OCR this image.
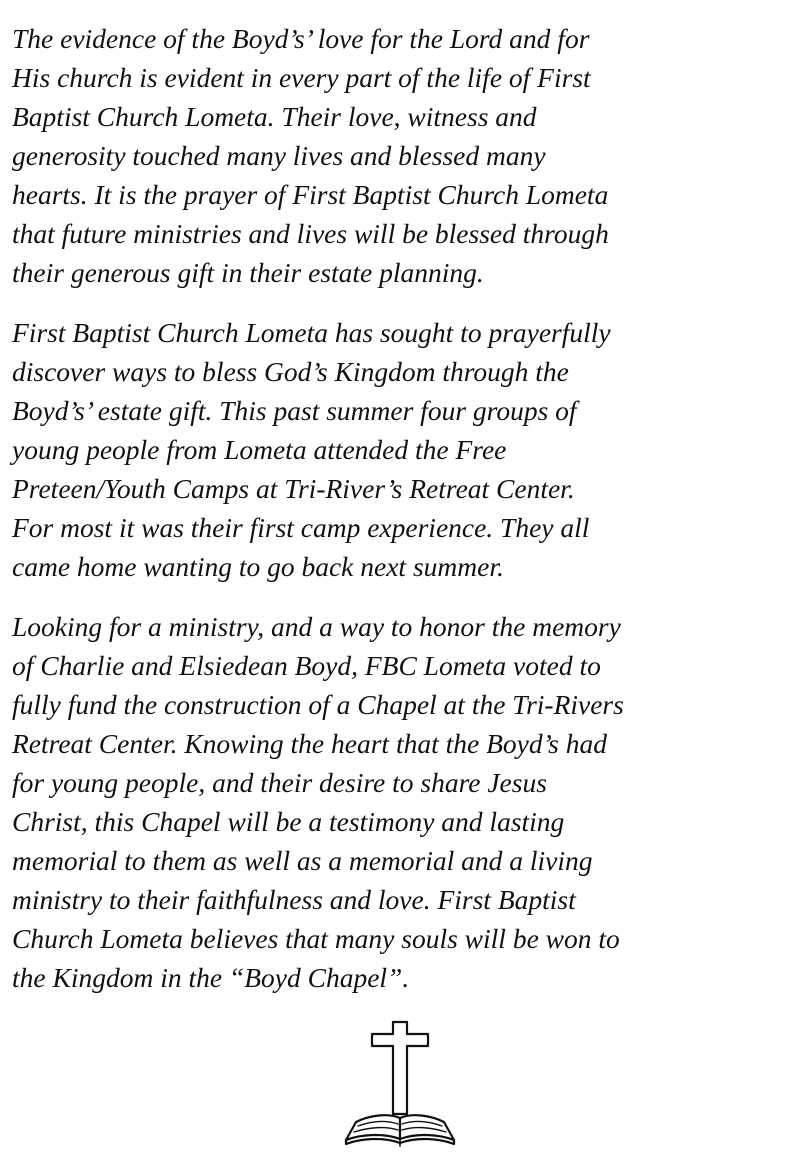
The evidence of the Boyd’s’ love for the Lord and for
His church is evident in every part of the life of First
Baptist Church Lometa. Their love, witness and
generosity touched many lives and blessed many
hearts. It is the prayer of First Baptist Church Lometa
that future ministries and lives will be blessed through
their generous gift in their estate planning.
First Baptist Church Lometa has sought to prayerfully
discover ways to bless God’s Kingdom through the
Boyd’s’ estate gift. This past summer four groups of
young people from Lometa attended the Free
Preteen/Youth Camps at Tri-River’s Retreat Center.
For most it was their first camp experience. They all
came home wanting to go back next summer.
Looking for a ministry, and a way to honor the memory
of Charlie and Elsiedean Boyd, FBC Lometa voted to
fully fund the construction of a Chapel at the Tri-Rivers
Retreat Center. Knowing the heart that the Boyd’s had
for young people, and their desire to share Jesus
Christ, this Chapel will be a testimony and lasting
memorial to them as well as a memorial and a living
ministry to their faithfulness and love. First Baptist
Church Lometa believes that many souls will be won to
the Kingdom in the “Boyd Chapel”.
